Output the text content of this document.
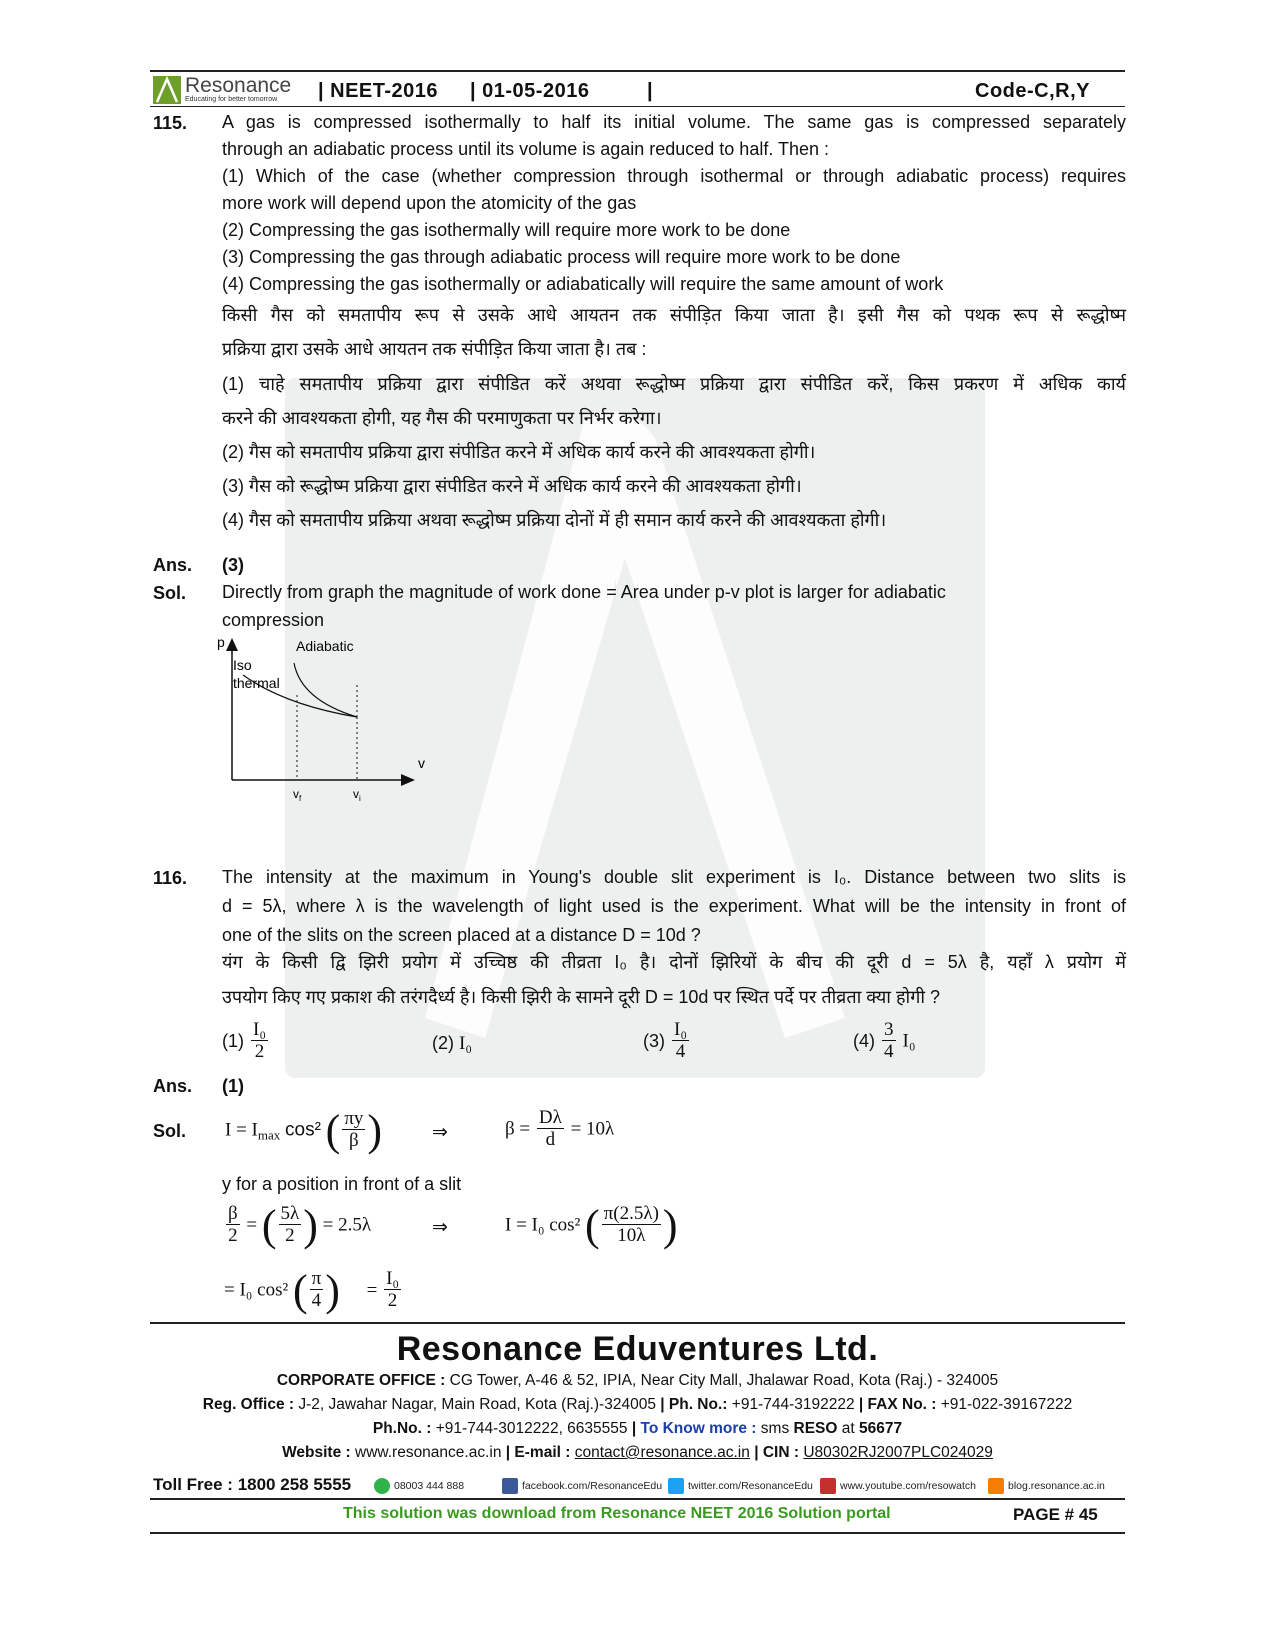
Resonance
Educating for better tomorrow | NEET-2016 | 01-05-2016	|	Code-C,R,Y
115. A gas is compressed isothermally to half its initial volume. The same gas is compressed separately
through an adiabatic process until its volume is again reduced to half. Then :
(1) Which of the case (whether compression through isothermal or through adiabatic process) requires
more work will depend upon the atomicity of the gas
(2) Compressing the gas isothermally will require more work to be done
(3) Compressing the gas through adiabatic process will require more work to be done
(4) Compressing the gas isothermally or adiabatically will require the same amount of work
किसी गैस को समतापीय रूप से उसके आधे आयतन तक संपीड़ित किया जाता है। इसी गैस को पथक रूप से रूद्धोष्म
प्रक्रिया द्वारा उसके आधे आयतन तक संपीड़ित किया जाता है। तब :
(1) चाहे समतापीय प्रक्रिया द्वारा संपीडित करें अथवा रूद्धोष्म प्रक्रिया द्वारा संपीडित करें, किस प्रकरण में अधिक कार्य
करने की आवश्यकता होगी, यह गैस की परमाणुकता पर निर्भर करेगा।
(2) गैस को समतापीय प्रक्रिया द्वारा संपीडित करने में अधिक कार्य करने की आवश्यकता होगी।
(3) गैस को रूद्धोष्म प्रक्रिया द्वारा संपीडित करने में अधिक कार्य करने की आवश्यकता होगी।
(4) गैस को समतापीय प्रक्रिया अथवा रूद्धोष्म प्रक्रिया दोनों में ही समान कार्य करने की आवश्यकता होगी।
Ans. (3)
Sol. Directly from graph the magnitude of work done = Area under p-v plot is larger for adiabatic
compression
p
v
Adiabatic
Iso
thermal
$v_f$	$v_i$
116. The intensity at the maximum in Young's double slit experiment is I₀. Distance between two slits is
d = 5λ, where λ is the wavelength of light used is the experiment. What will be the intensity in front of
one of the slits on the screen placed at a distance D = 10d ?
यंग के किसी द्वि झिरी प्रयोग में उच्चिष्ठ की तीव्रता I₀ है। दोनों झिरियों के बीच की दूरी d = 5λ है, यहाँ λ प्रयोग में
उपयोग किए गए प्रकाश की तरंगदैर्ध्य है। किसी झिरी के सामने दूरी D = 10d पर स्थित पर्दे पर तीव्रता क्या होगी ?
$(1) \frac{\text{I₀}}{2}$	(2) I₀	$(3) \frac{\text{I₀}}{4}$	$(4) \frac{3}{4} I_0$
Ans. (1)
Sol. $I = I_{max}$ cos² ( $\frac{\pi y}{\beta}$ )	⇒	$\beta = \frac{D\lambda}{d} = 10\lambda$
y for a position in front of a slit
$\frac{\beta}{2}$ = ( $\frac{5\lambda}{2}$ ) = 2.5λ	⇒	I = I₀ cos² ( $\frac{\pi(2.5\lambda)}{10\lambda}$ )
= I₀ cos² ( $\frac{\pi}{4}$ ) = $\frac{\text{I₀}}{2}$
Resonance Eduventures Ltd.
CORPORATE OFFICE : CG Tower, A-46 & 52, IPIA, Near City Mall, Jhalawar Road, Kota (Raj.) - 324005
Reg. Office : J-2, Jawahar Nagar, Main Road, Kota (Raj.)-324005 | Ph. No.: +91-744-3192222 | FAX No. : +91-022-39167222
Ph.No. : +91-744-3012222, 6635555 | To Know more : sms RESO at 56677
Website : www.resonance.ac.in | E-mail : contact@resonance.ac.in | CIN : U80302RJ2007PLC024029
Toll Free : 1800 258 5555	08003 444 888	facebook.com/ResonanceEdu	twitter.com/ResonanceEdu	www.youtube.com/resowatch	blog.resonance.ac.in
This solution was download from Resonance NEET 2016 Solution portal	PAGE # 45
